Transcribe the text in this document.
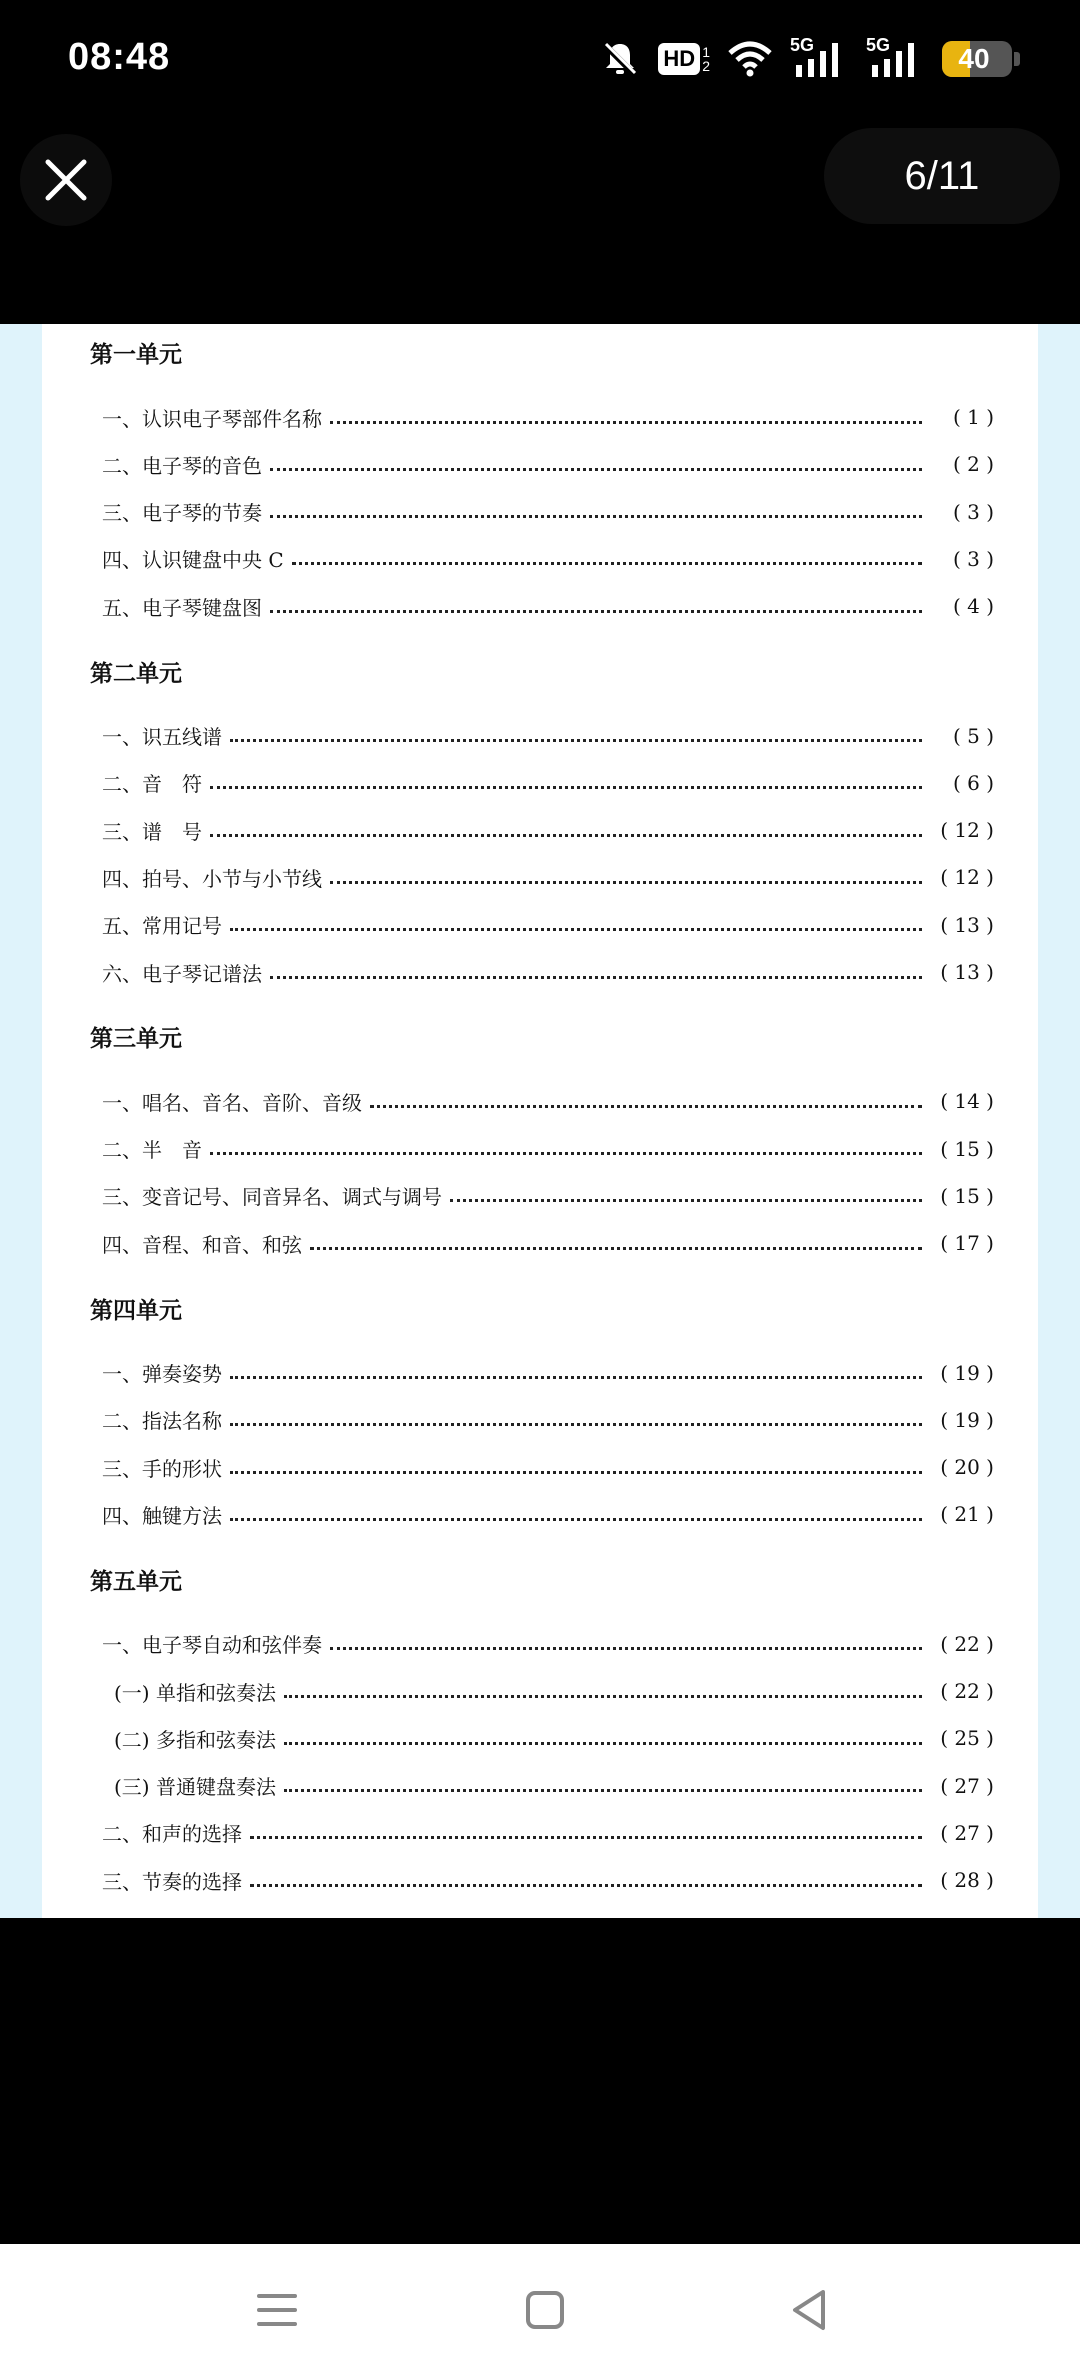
08:48	HD 1
2
5G	5G	40
6/11
第一单元
一、认识电子琴部件名称	( 1 )
二、电子琴的音色	( 2 )
三、电子琴的节奏	( 3 )
四、认识键盘中央 C	( 3 )
五、电子琴键盘图	( 4 )
第二单元
一、识五线谱	( 5 )
二、音　符	( 6 )
三、谱　号	( 12 )
四、拍号、小节与小节线	( 12 )
五、常用记号	( 13 )
六、电子琴记谱法	( 13 )
第三单元
一、唱名、音名、音阶、音级	( 14 )
二、半　音	( 15 )
三、变音记号、同音异名、调式与调号	( 15 )
四、音程、和音、和弦	( 17 )
第四单元
一、弹奏姿势	( 19 )
二、指法名称	( 19 )
三、手的形状	( 20 )
四、触键方法	( 21 )
第五单元
一、电子琴自动和弦伴奏	( 22 )
(一) 单指和弦奏法	( 22 )
(二) 多指和弦奏法	( 25 )
(三) 普通键盘奏法	( 27 )
二、和声的选择	( 27 )
三、节奏的选择	( 28 )
